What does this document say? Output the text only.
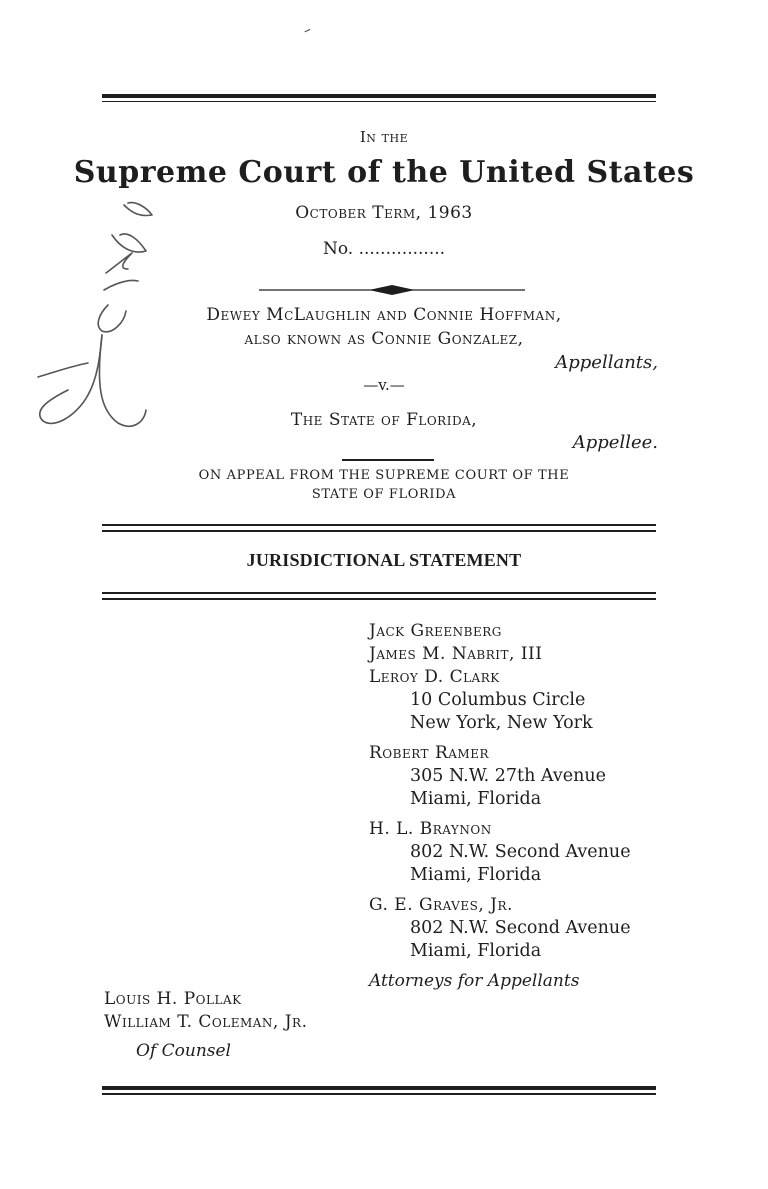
In the
Supreme Court of the United States
October Term, 1963
No. ................
Dewey McLaughlin and Connie Hoffman,
also known as Connie Gonzalez,
Appellants,
—v.—
The State of Florida,
Appellee.
ON APPEAL FROM THE SUPREME COURT OF THE
STATE OF FLORIDA
JURISDICTIONAL STATEMENT
Jack Greenberg
James M. Nabrit, III
Leroy D. Clark
10 Columbus Circle
New York, New York
Robert Ramer
305 N.W. 27th Avenue
Miami, Florida
H. L. Braynon
802 N.W. Second Avenue
Miami, Florida
G. E. Graves, Jr.
802 N.W. Second Avenue
Miami, Florida
Attorneys for Appellants
Louis H. Pollak
William T. Coleman, Jr.
Of Counsel
